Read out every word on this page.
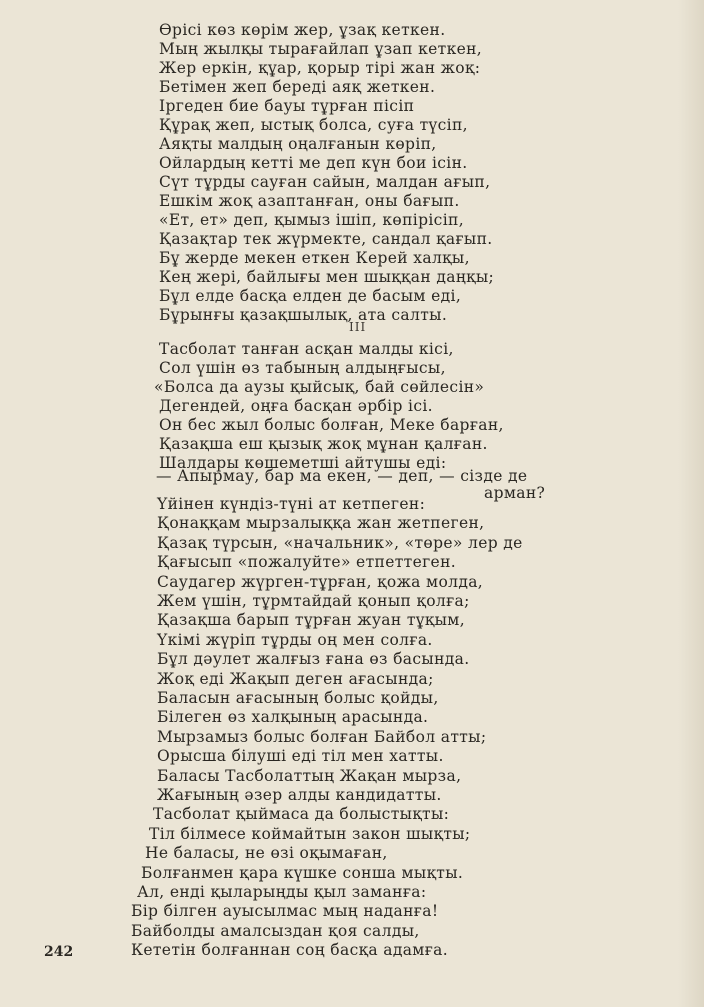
Өрісі көз көрім жер, ұзақ кеткен.
Мың жылқы тырағайлап ұзап кеткен,
Жер еркін, құар, қорыр тірі жан жоқ:
Бетімен жеп береді аяқ жеткен.
Іргеден бие бауы тұрған пісіп
Құрақ жеп, ыстық болса, суға түсіп,
Аяқты малдың оңалғанын көріп,
Ойлардың кеттi ме деп күн бои ісін.
Сүт тұрды сауған сайын, малдан ағып,
Ешкім жоқ азаптанған, оны бағып.
«Ет, ет» деп, қымыз ішіп, көпірісіп,
Қазақтар тек жүрмекте, сандал қағып.
Бұ жерде мекен еткен Керей халқы,
Кең жері, байлығы мен шыққан даңқы;
Бұл елде басқа елден де басым еді,
Бұрынғы қазақшылық, ата салты.
III
Тасболат танған асқан малды кісі,
Сол үшін өз табының алдыңғысы,
«Болса да аузы қыйсық, бай сөйлесін»
Дегендей, оңға басқан әрбір ісі.
Он бес жыл болыс болған, Меке барған,
Қазақша еш қызық жоқ мұнан қалған.
Шалдары көшеметшi айтушы еді:
— Апырмау, бар ма екен, — деп, — сізде де
арман?
Үйінен күндіз-түні ат кетпеген:
Қонаққам мырзалыққа жан жетпеген,
Қазақ түрсын, «начальник», «төре» лер де
Қағысып «пожалуйте» етпеттеген.
Саудагер жүрген-тұрған, қожа молда,
Жем үшін, тұрмтайдай қонып қолға;
Қазақша барып тұрған жуан тұқым,
Үкімі жүріп тұрды оң мен солға.
Бұл дәулет жалғыз ғана өз басында.
Жоқ еді Жақып деген ағасында;
Баласын ағасының болыс қойды,
Білеген өз халқының арасында.
Мырзамыз болыс болған Байбол атты;
Орысша білуші еді тіл мен хатты.
Баласы Тасболаттың Жақан мырза,
Жағының әзер алды кандидатты.
Тасболат қыймаса да болыстықты:
Тіл білмесе коймайтын закон шықты;
Не баласы, не өзі оқымаған,
Болғанмен қара күшке сонша мықты.
Ал, енді қыларыңды қыл заманға:
Бір білген ауысылмас мың наданға!
Байболды амалсыздан қоя салды,
Кететін болғаннан соң басқа адамға.
242
